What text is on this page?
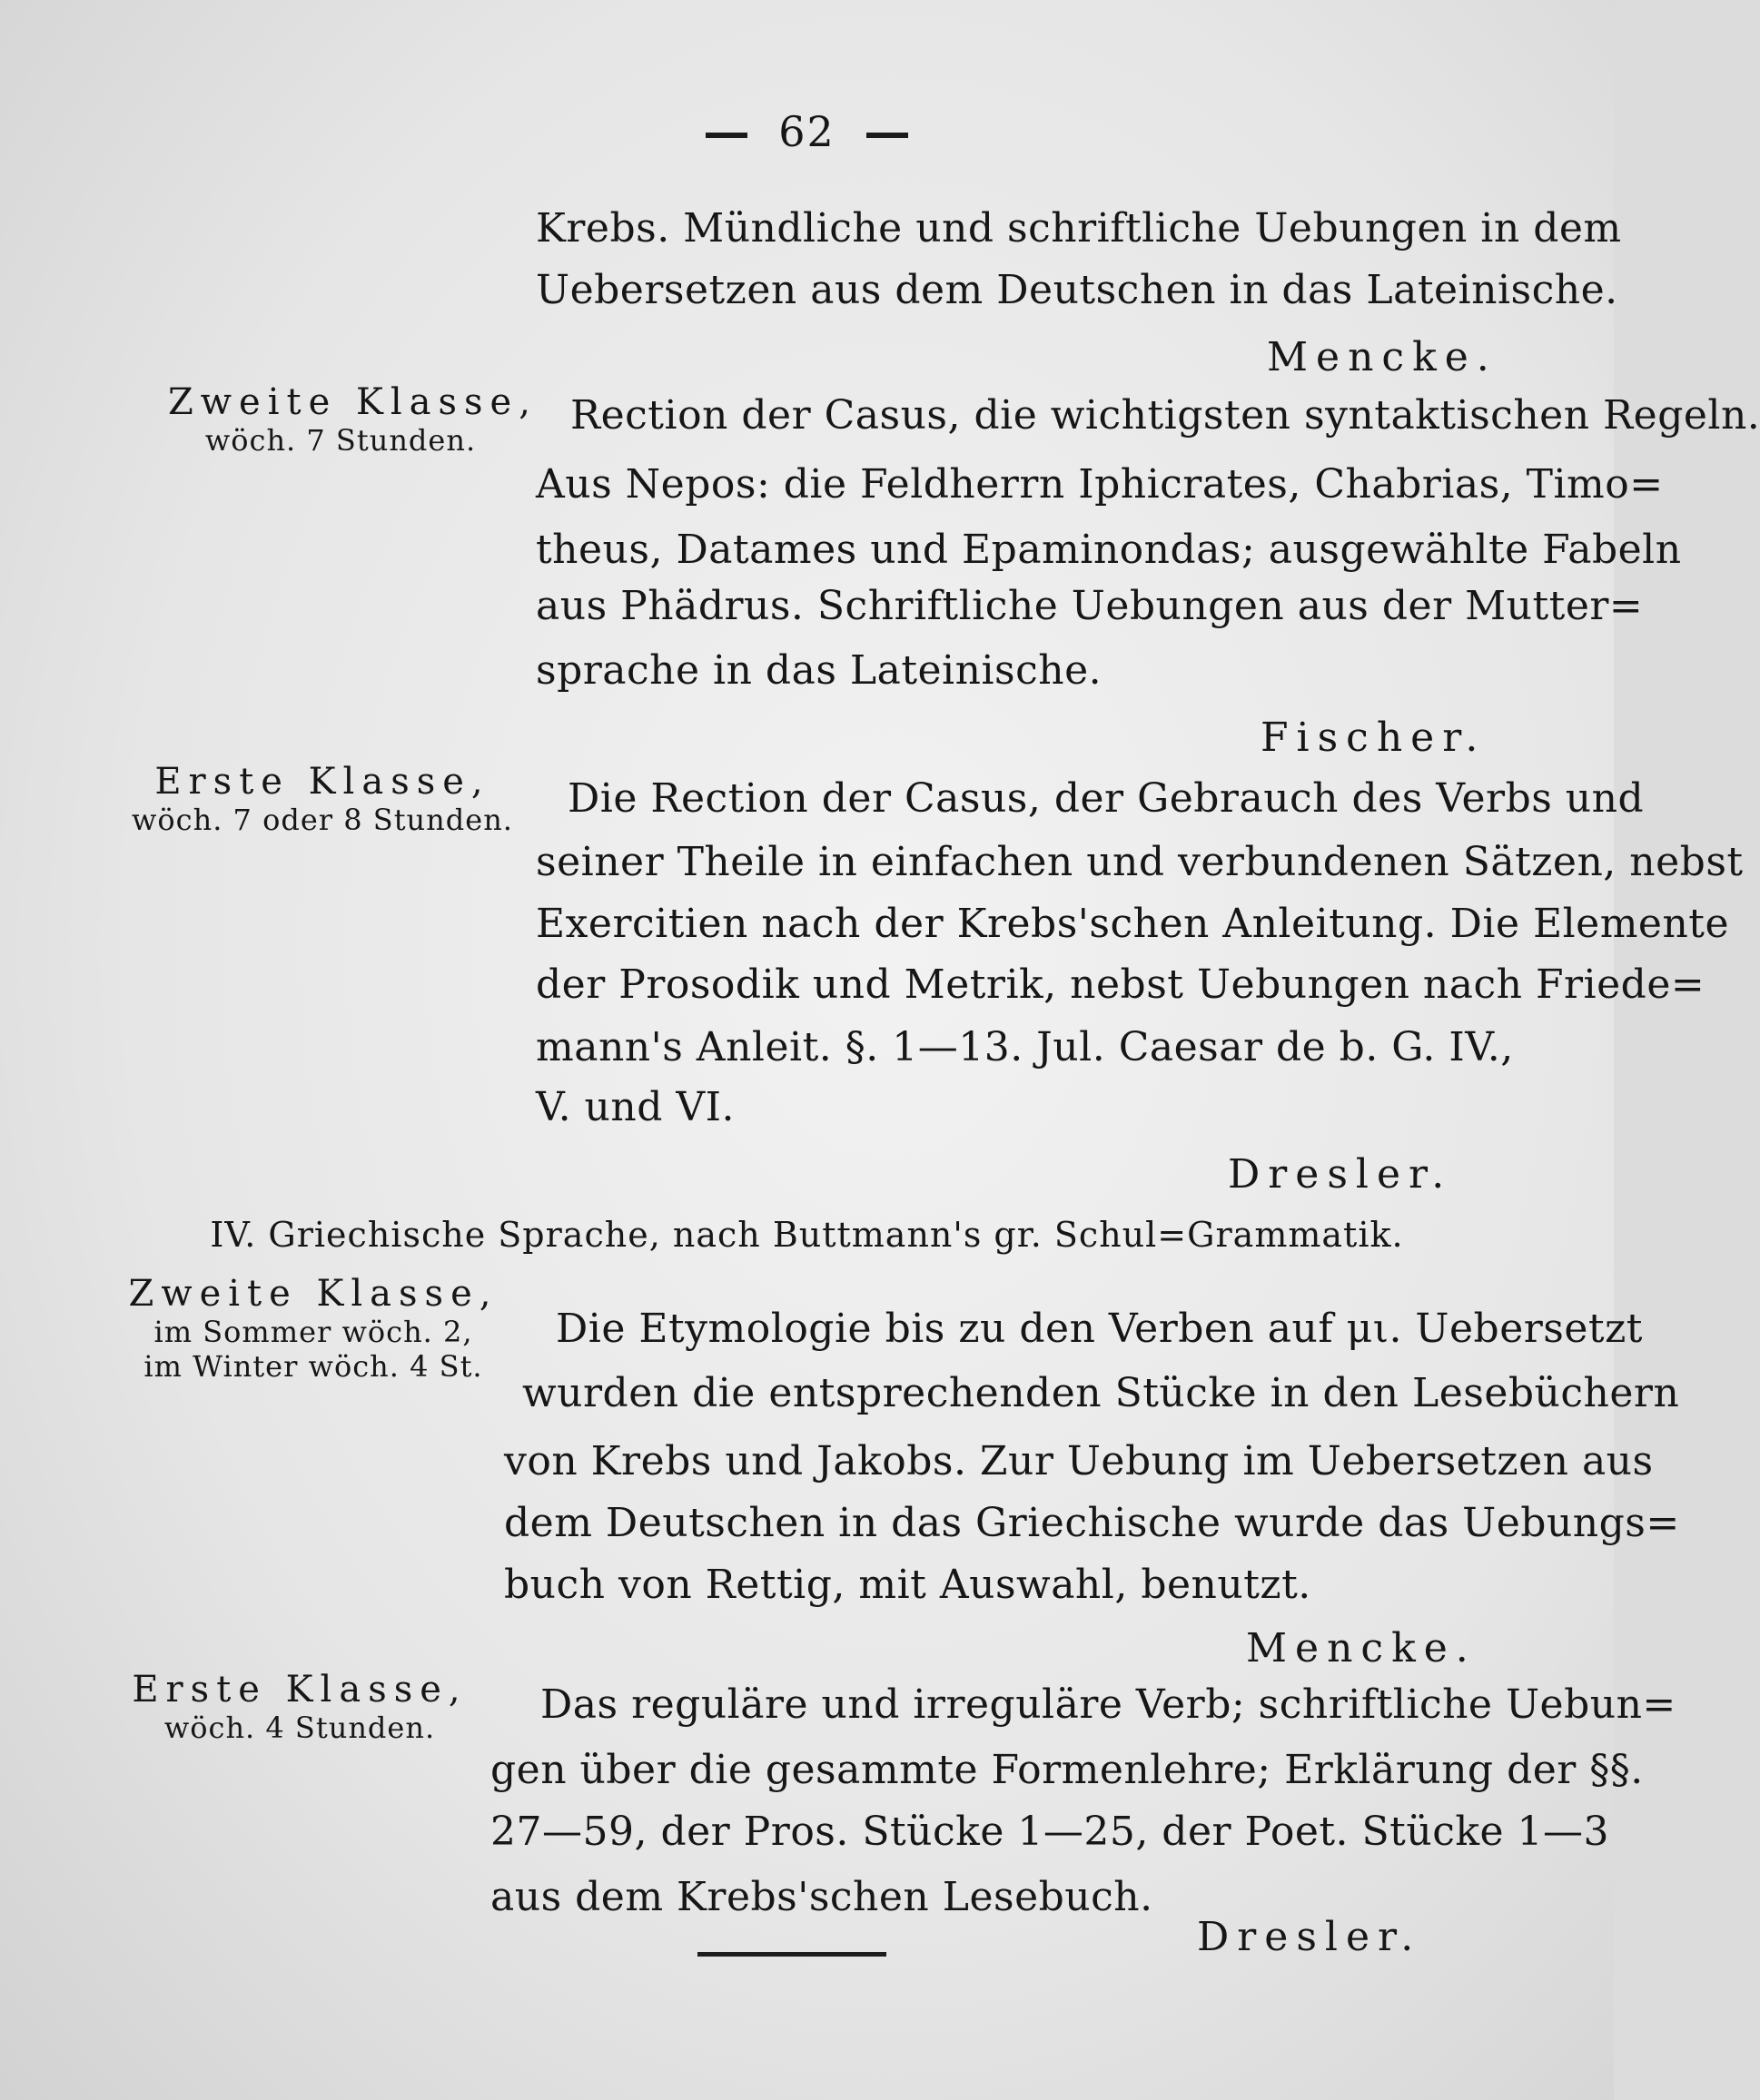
62
Krebs. Mündliche und schriftliche Uebungen in dem
Uebersetzen aus dem Deutschen in das Lateinische.
Mencke.
Zweite Klasse,
wöch. 7 Stunden.
Rection der Casus, die wichtigsten syntaktischen Regeln.
Aus Nepos: die Feldherrn Iphicrates, Chabrias, Timo=
theus, Datames und Epaminondas; ausgewählte Fabeln
aus Phädrus. Schriftliche Uebungen aus der Mutter=
sprache in das Lateinische.
Fischer.
Erste Klasse,
wöch. 7 oder 8 Stunden. Die Rection der Casus, der Gebrauch des Verbs und
seiner Theile in einfachen und verbundenen Sätzen, nebst
Exercitien nach der Krebs'schen Anleitung. Die Elemente
der Prosodik und Metrik, nebst Uebungen nach Friede=
mann's Anleit. §. 1—13. Jul. Caesar de b. G. IV.,
V. und VI.
Dresler.
IV. Griechische Sprache, nach Buttmann's gr. Schul=Grammatik.
Zweite Klasse,
im Sommer wöch. 2,
im Winter wöch. 4 St.
Die Etymologie bis zu den Verben auf μι. Uebersetzt
wurden die entsprechenden Stücke in den Lesebüchern
von Krebs und Jakobs. Zur Uebung im Uebersetzen aus
dem Deutschen in das Griechische wurde das Uebungs=
buch von Rettig, mit Auswahl, benutzt.
Mencke.
Erste Klasse,
wöch. 4 Stunden.	Das reguläre und irreguläre Verb; schriftliche Uebun=
gen über die gesammte Formenlehre; Erklärung der §§.
27—59, der Pros. Stücke 1—25, der Poet. Stücke 1—3
aus dem Krebs'schen Lesebuch.
Dresler.
